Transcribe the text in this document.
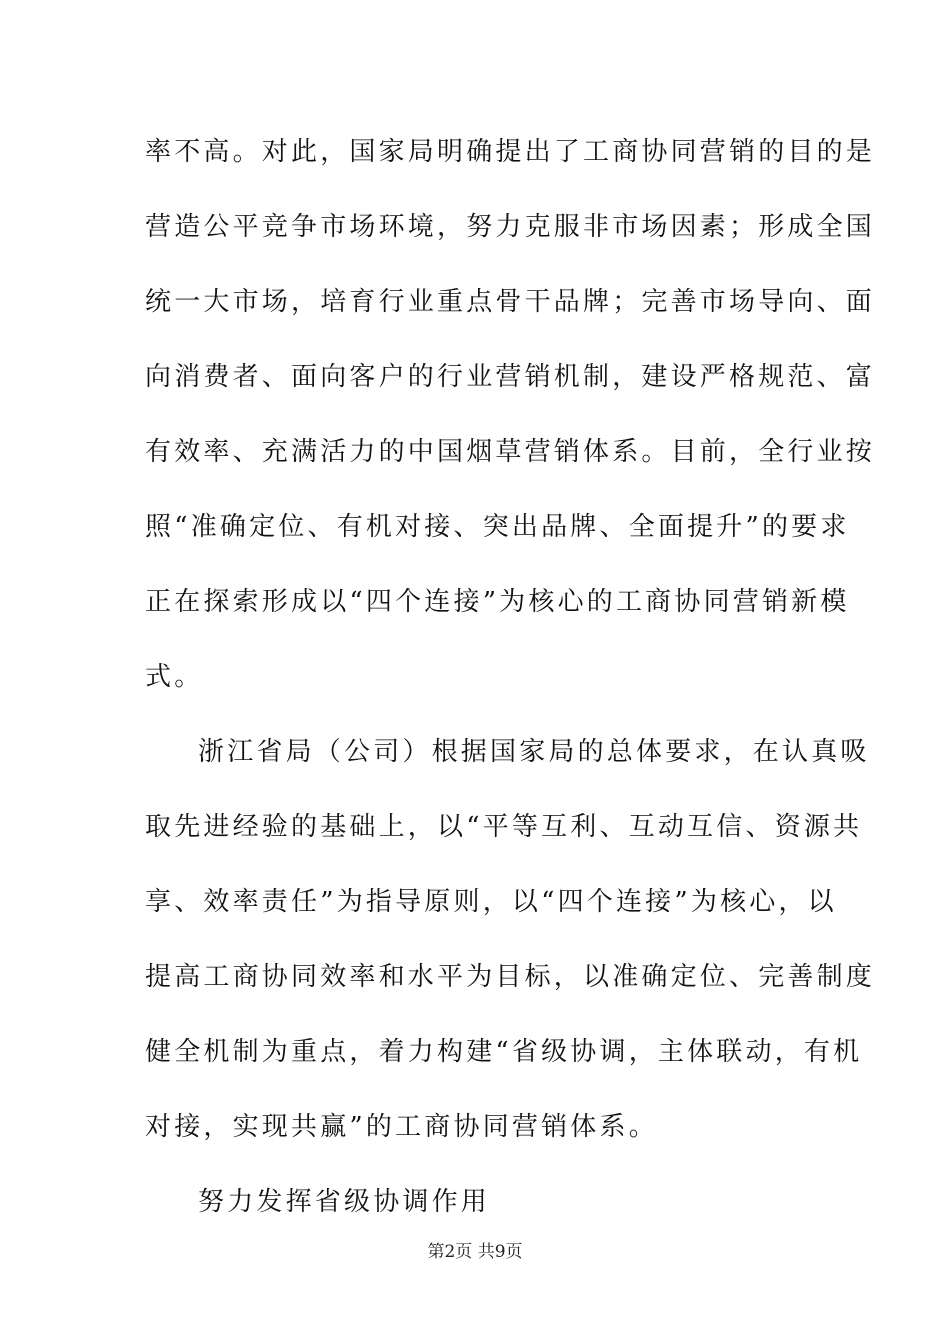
率不高。对此，国家局明确提出了工商协同营销的目的是
营造公平竞争市场环境，努力克服非市场因素；形成全国
统一大市场，培育行业重点骨干品牌；完善市场导向、面
向消费者、面向客户的行业营销机制，建设严格规范、富
有效率、充满活力的中国烟草营销体系。目前，全行业按
照“准确定位、有机对接、突出品牌、全面提升”的要求
正在探索形成以“四个连接”为核心的工商协同营销新模
式。
浙江省局（公司）根据国家局的总体要求，在认真吸
取先进经验的基础上，以“平等互利、互动互信、资源共
享、效率责任”为指导原则，以“四个连接”为核心，以
提高工商协同效率和水平为目标，以准确定位、完善制度
健全机制为重点，着力构建“省级协调，主体联动，有机
对接，实现共赢”的工商协同营销体系。
努力发挥省级协调作用
第2页 共9页
